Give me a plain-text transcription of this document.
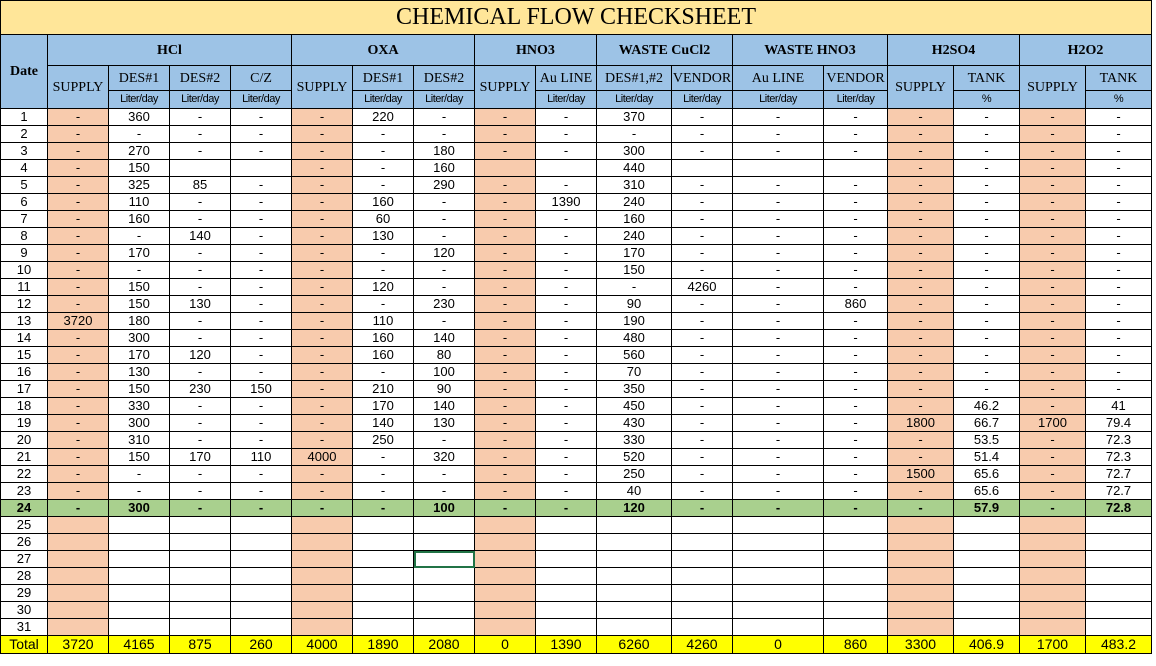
CHEMICAL FLOW CHECKSHEET																	
Date	HCl				OXA			HNO3		WASTE CuCl2		WASTE HNO3		H2SO4		H2O2	
	SUPPLY	DES#1	DES#2	C/Z	SUPPLY	DES#1	DES#2	SUPPLY	Au LINE	DES#1,#2	VENDOR	Au LINE	VENDOR	SUPPLY	TANK	SUPPLY	TANK
		Liter/day	Liter/day	Liter/day		Liter/day	Liter/day		Liter/day	Liter/day	Liter/day	Liter/day	Liter/day		%		%
1	-	360	-	-	-	220	-	-	-	370	-	-	-	-	-	-	-
2	-	-	-	-	-	-	-	-	-	-	-	-	-	-	-	-	-
3	-	270	-	-	-	-	180	-	-	300	-	-	-	-	-	-	-
4	-	150			-	-	160			440				-	-	-	-
5	-	325	85	-	-	-	290	-	-	310	-	-	-	-	-	-	-
6	-	110	-	-	-	160	-	-	1390	240	-	-	-	-	-	-	-
7	-	160	-	-	-	60	-	-	-	160	-	-	-	-	-	-	-
8	-	-	140	-	-	130	-	-	-	240	-	-	-	-	-	-	-
9	-	170	-	-	-	-	120	-	-	170	-	-	-	-	-	-	-
10	-	-	-	-	-	-	-	-	-	150	-	-	-	-	-	-	-
11	-	150	-	-	-	120	-	-	-	-	4260	-	-	-	-	-	-
12	-	150	130	-	-	-	230	-	-	90	-	-	860	-	-	-	-
13	3720	180	-	-	-	110	-	-	-	190	-	-	-	-	-	-	-
14	-	300	-	-	-	160	140	-	-	480	-	-	-	-	-	-	-
15	-	170	120	-	-	160	80	-	-	560	-	-	-	-	-	-	-
16	-	130	-	-	-	-	100	-	-	70	-	-	-	-	-	-	-
17	-	150	230	150	-	210	90	-	-	350	-	-	-	-	-	-	-
18	-	330	-	-	-	170	140	-	-	450	-	-	-	-	46.2	-	41
19	-	300	-	-	-	140	130	-	-	430	-	-	-	1800	66.7	1700	79.4
20	-	310	-	-	-	250	-	-	-	330	-	-	-	-	53.5	-	72.3
21	-	150	170	110	4000	-	320	-	-	520	-	-	-	-	51.4	-	72.3
22	-	-	-	-	-	-	-	-	-	250	-	-	-	1500	65.6	-	72.7
23	-	-	-	-	-	-	-	-	-	40	-	-	-	-	65.6	-	72.7
24	-	300	-	-	-	-	100	-	-	120	-	-	-	-	57.9	-	72.8
25																	
26																	
27																	
28																	
29																	
30																	
31																	
Total	3720	4165	875	260	4000	1890	2080	0	1390	6260	4260	0	860	3300	406.9	1700	483.2
